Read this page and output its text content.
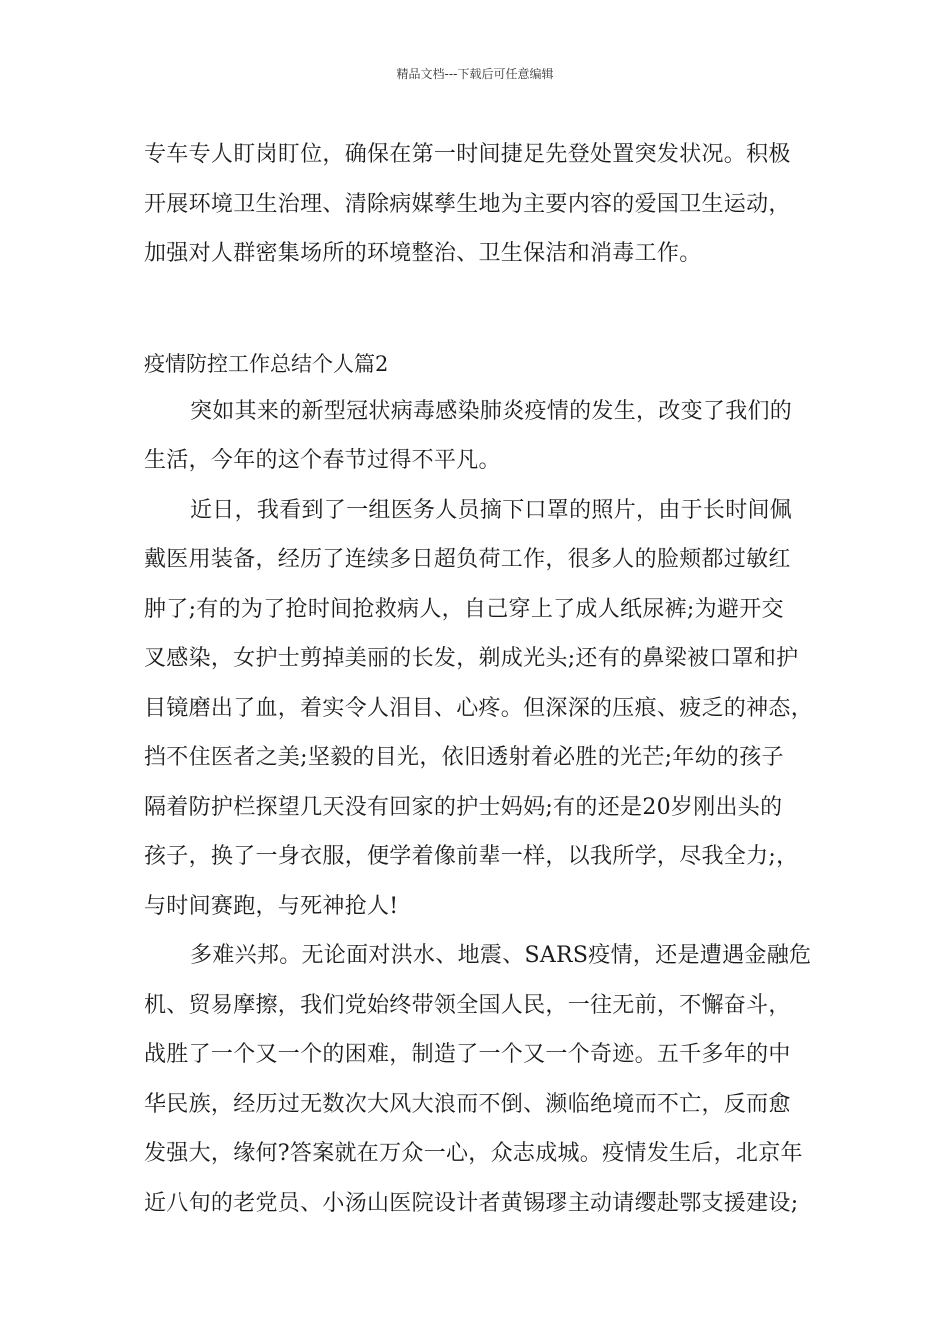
精品文档---下载后可任意编辑
专车专人盯岗盯位，确保在第一时间捷足先登处置突发状况。积极
开展环境卫生治理、清除病媒孳生地为主要内容的爱国卫生运动，
加强对人群密集场所的环境整治、卫生保洁和消毒工作。
疫情防控工作总结个人篇2
突如其来的新型冠状病毒感染肺炎疫情的发生，改变了我们的
生活，今年的这个春节过得不平凡。
近日，我看到了一组医务人员摘下口罩的照片，由于长时间佩
戴医用装备，经历了连续多日超负荷工作，很多人的脸颊都过敏红
肿了;有的为了抢时间抢救病人，自己穿上了成人纸尿裤;为避开交
叉感染，女护士剪掉美丽的长发，剃成光头;还有的鼻梁被口罩和护
目镜磨出了血，着实令人泪目、心疼。但深深的压痕、疲乏的神态，
挡不住医者之美;坚毅的目光，依旧透射着必胜的光芒;年幼的孩子
隔着防护栏探望几天没有回家的护士妈妈;有的还是20岁刚出头的
孩子，换了一身衣服，便学着像前辈一样，以我所学，尽我全力;，
与时间赛跑，与死神抢人!
多难兴邦。无论面对洪水、地震、SARS疫情，还是遭遇金融危
机、贸易摩擦，我们党始终带领全国人民，一往无前，不懈奋斗，
战胜了一个又一个的困难，制造了一个又一个奇迹。五千多年的中
华民族，经历过无数次大风大浪而不倒、濒临绝境而不亡，反而愈
发强大，缘何?答案就在万众一心，众志成城。疫情发生后，北京年
近八旬的老党员、小汤山医院设计者黄锡璆主动请缨赴鄂支援建设;
